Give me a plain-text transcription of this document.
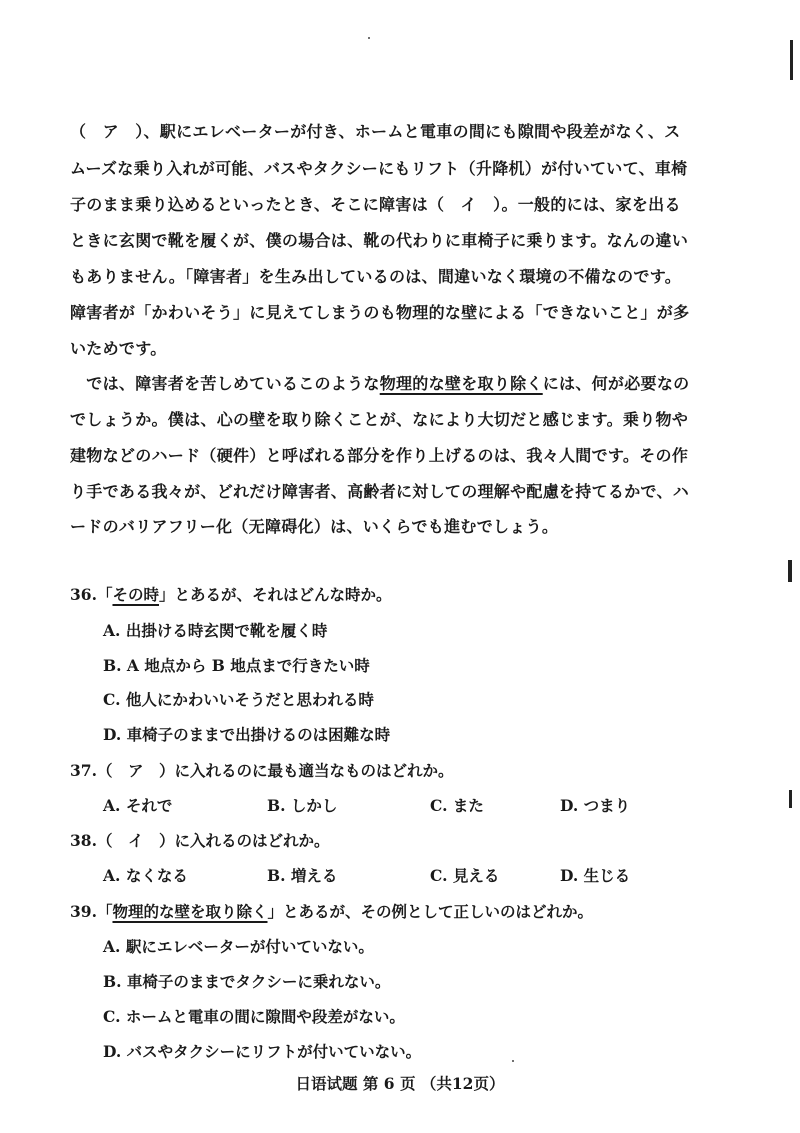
（　ア　）、駅にエレベーターが付き、ホームと電車の間にも隙間や段差がなく、ス
ムーズな乗り入れが可能、バスやタクシーにもリフト（升降机）が付いていて、車椅
子のまま乗り込めるといったとき、そこに障害は（　イ　）。一般的には、家を出る
ときに玄関で靴を履くが、僕の場合は、靴の代わりに車椅子に乗ります。なんの違い
もありません。「障害者」を生み出しているのは、間違いなく環境の不備なのです。
障害者が「かわいそう」に見えてしまうのも物理的な壁による「できないこと」が多
いためです。
　では、障害者を苦しめているこのような物理的な壁を取り除くには、何が必要なの
でしょうか。僕は、心の壁を取り除くことが、なにより大切だと感じます。乗り物や
建物などのハード（硬件）と呼ばれる部分を作り上げるのは、我々人間です。その作
り手である我々が、どれだけ障害者、高齢者に対しての理解や配慮を持てるかで、ハ
ードのバリアフリー化（无障碍化）は、いくらでも進むでしょう。
36.「その時」とあるが、それはどんな時か。
A. 出掛ける時玄関で靴を履く時
B. A 地点から B 地点まで行きたい時
C. 他人にかわいいそうだと思われる時
D. 車椅子のままで出掛けるのは困難な時
37.（　ア　）に入れるのに最も適当なものはどれか。
A. それで	B. しかし	C. また	D. つまり
38.（　イ　）に入れるのはどれか。
A. なくなる	B. 増える	C. 見える	D. 生じる
39.「物理的な壁を取り除く」とあるが、その例として正しいのはどれか。
A. 駅にエレベーターが付いていない。
B. 車椅子のままでタクシーに乗れない。
C. ホームと電車の間に隙間や段差がない。
D. バスやタクシーにリフトが付いていない。
日语试题 第 6 页 （共12页）
